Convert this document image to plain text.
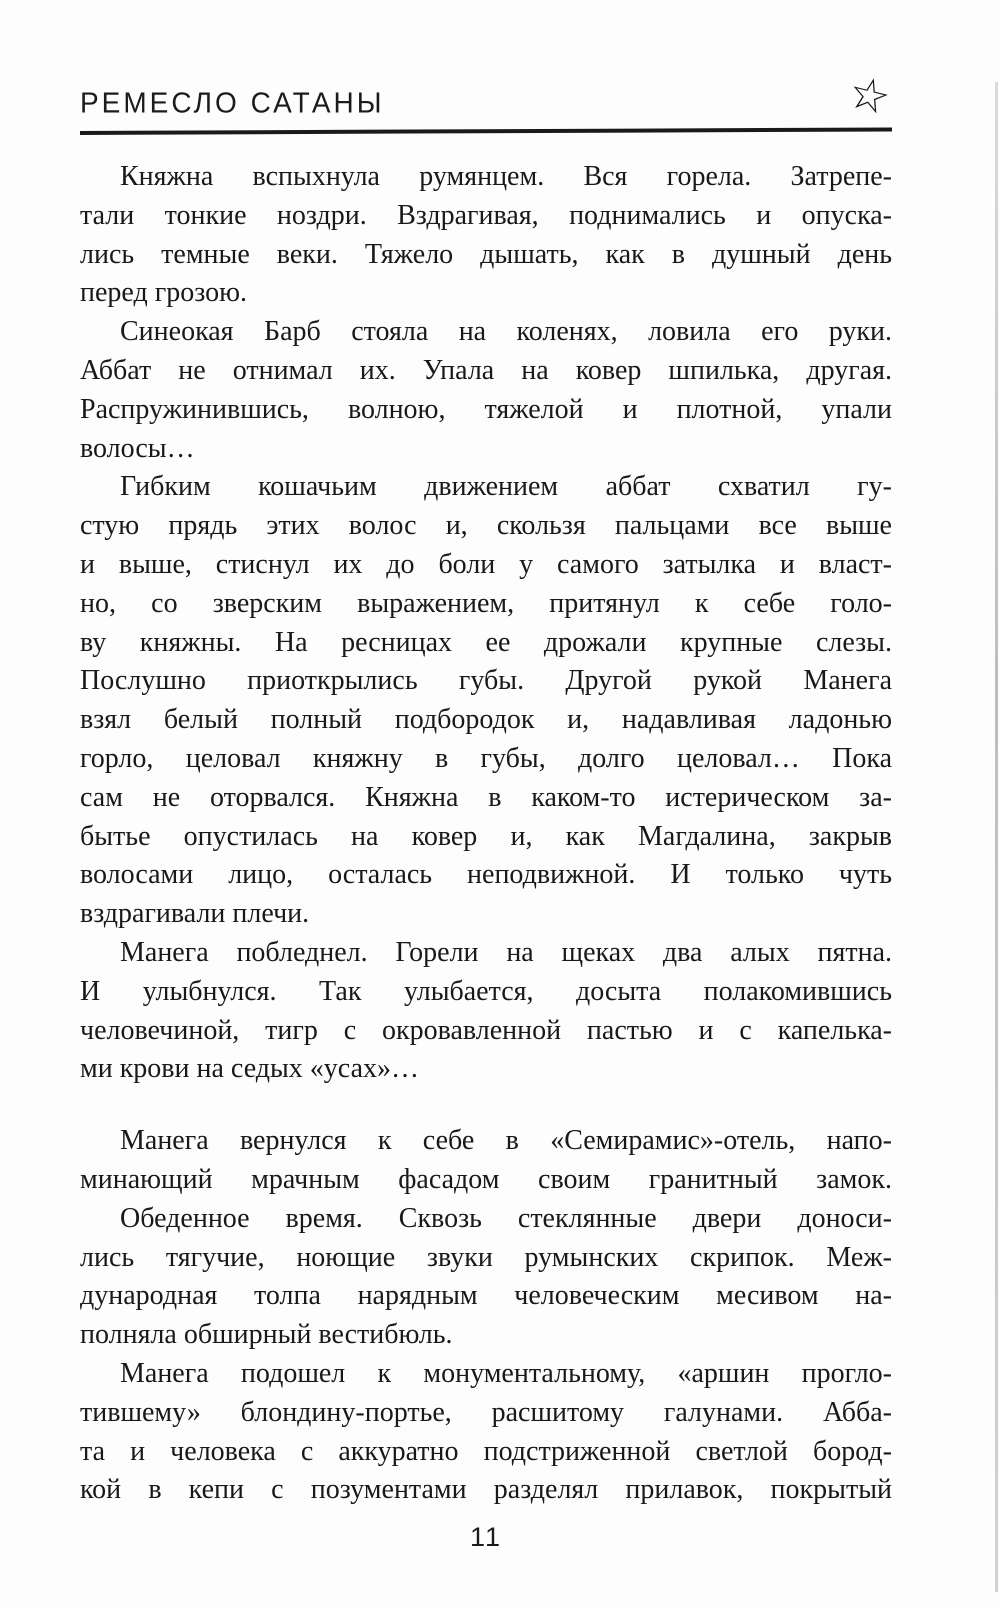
РЕМЕСЛО САТАНЫ	☆
Княжна вспыхнула румянцем. Вся горела. Затрепе-
тали тонкие ноздри. Вздрагивая, поднимались и опуска-
лись темные веки. Тяжело дышать, как в душный день
перед грозою.
Синеокая Барб стояла на коленях, ловила его руки.
Аббат не отнимал их. Упала на ковер шпилька, другая.
Распружинившись, волною, тяжелой и плотной, упали
волосы…
Гибким кошачьим движением аббат схватил гу-
стую прядь этих волос и, скользя пальцами все выше
и выше, стиснул их до боли у самого затылка и власт-
но, со зверским выражением, притянул к себе голо-
ву княжны. На ресницах ее дрожали крупные слезы.
Послушно приоткрылись губы. Другой рукой Манега
взял белый полный подбородок и, надавливая ладонью
горло, целовал княжну в губы, долго целовал… Пока
сам не оторвался. Княжна в каком-то истерическом за-
бытье опустилась на ковер и, как Магдалина, закрыв
волосами лицо, осталась неподвижной. И только чуть
вздрагивали плечи.
Манега побледнел. Горели на щеках два алых пятна.
И улыбнулся. Так улыбается, досыта полакомившись
человечиной, тигр с окровавленной пастью и с капелька-
ми крови на седых «усах»…
Манега вернулся к себе в «Семирамис»-отель, напо-
минающий мрачным фасадом своим гранитный замок.
Обеденное время. Сквозь стеклянные двери доноси-
лись тягучие, ноющие звуки румынских скрипок. Меж-
дународная толпа нарядным человеческим месивом на-
полняла обширный вестибюль.
Манега подошел к монументальному, «аршин прогло-
тившему» блондину-портье, расшитому галунами. Абба-
та и человека с аккуратно подстриженной светлой бород-
кой в кепи с позументами разделял прилавок, покрытый
11
